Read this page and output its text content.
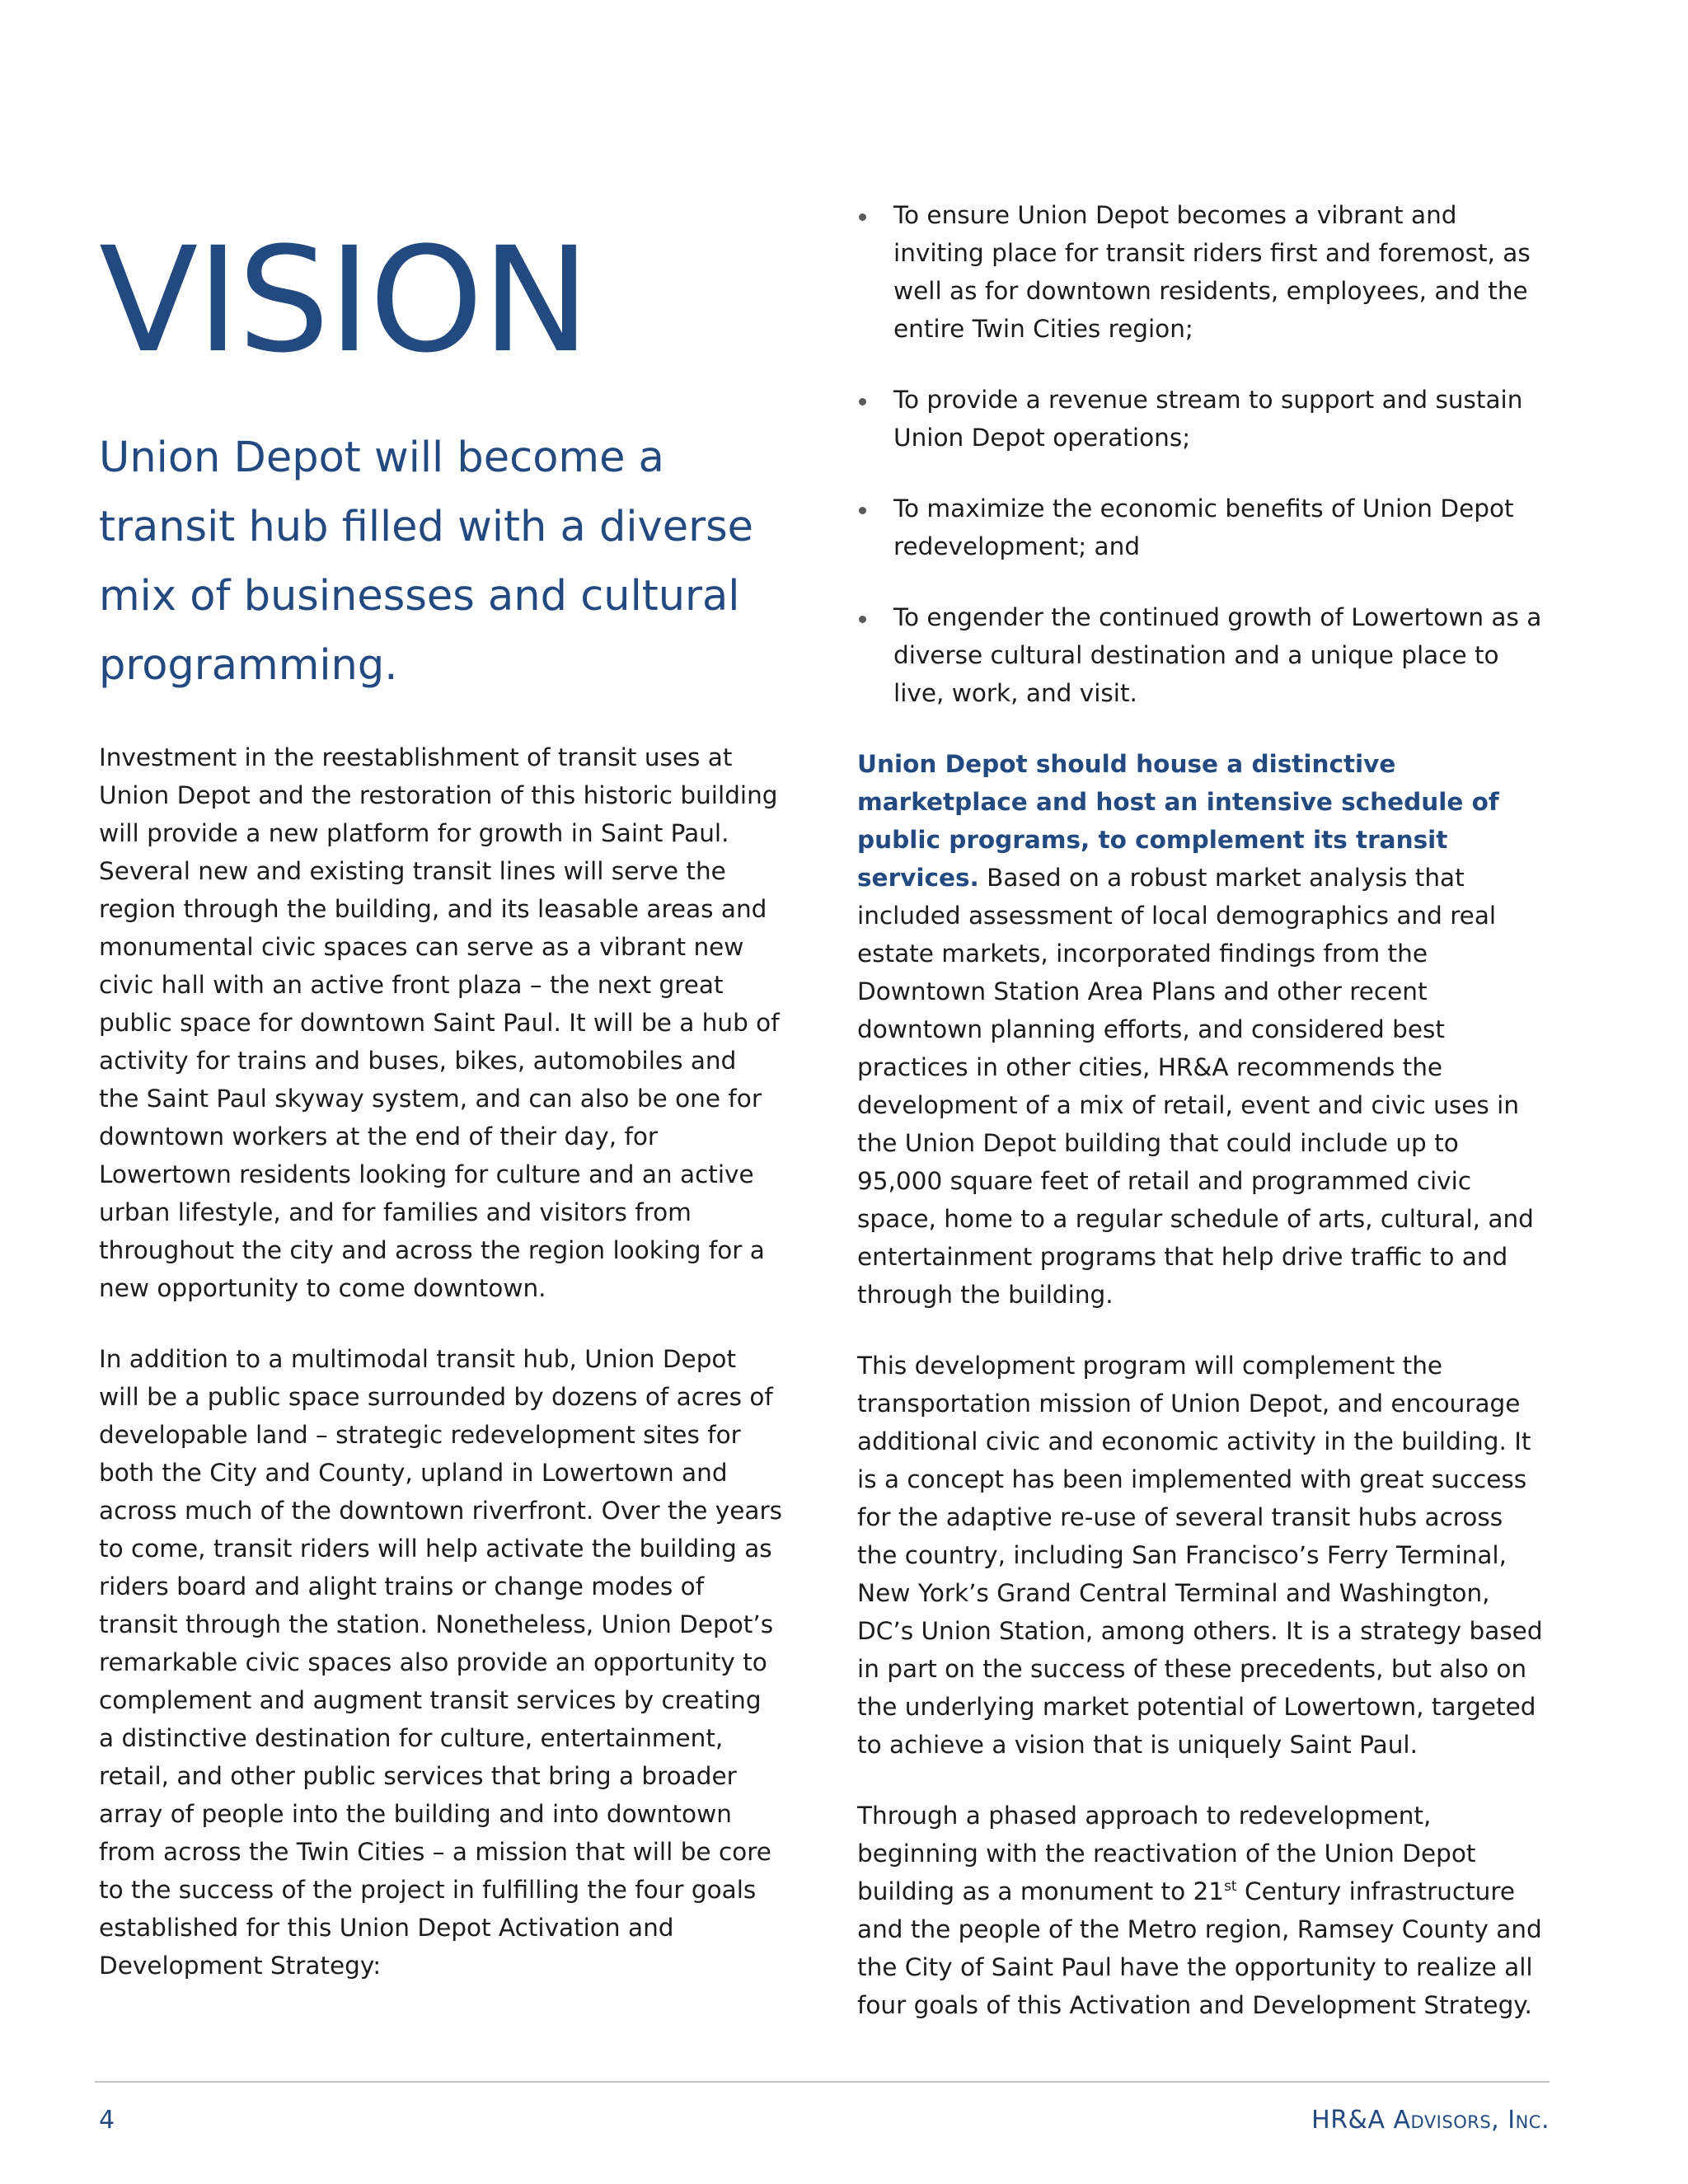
VISION
Union Depot will become a transit hub filled with a diverse mix of businesses and cultural programming.

Investment in the reestablishment of transit uses at Union Depot and the restoration of this historic building will provide a new platform for growth in Saint Paul. Several new and existing transit lines will serve the region through the building, and its leasable areas and monumental civic spaces can serve as a vibrant new civic hall with an active front plaza – the next great public space for downtown Saint Paul. It will be a hub of activity for trains and buses, bikes, automobiles and the Saint Paul skyway system, and can also be one for downtown workers at the end of their day, for Lowertown residents looking for culture and an active urban lifestyle, and for families and visitors from throughout the city and across the region looking for a new opportunity to come downtown.

In addition to a multimodal transit hub, Union Depot will be a public space surrounded by dozens of acres of developable land – strategic redevelopment sites for both the City and County, upland in Lowertown and across much of the downtown riverfront. Over the years to come, transit riders will help activate the building as riders board and alight trains or change modes of transit through the station. Nonetheless, Union Depot’s remarkable civic spaces also provide an opportunity to complement and augment transit services by creating a distinctive destination for culture, entertainment, retail, and other public services that bring a broader array of people into the building and into downtown from across the Twin Cities – a mission that will be core to the success of the project in fulfilling the four goals established for this Union Depot Activation and Development Strategy:

To ensure Union Depot becomes a vibrant and inviting place for transit riders first and foremost, as well as for downtown residents, employees, and the entire Twin Cities region;
To provide a revenue stream to support and sustain Union Depot operations;
To maximize the economic benefits of Union Depot redevelopment; and
To engender the continued growth of Lowertown as a diverse cultural destination and a unique place to live, work, and visit.

Union Depot should house a distinctive marketplace and host an intensive schedule of public programs, to complement its transit services. Based on a robust market analysis that included assessment of local demographics and real estate markets, incorporated findings from the Downtown Station Area Plans and other recent downtown planning efforts, and considered best practices in other cities, HR&A recommends the development of a mix of retail, event and civic uses in the Union Depot building that could include up to 95,000 square feet of retail and programmed civic space, home to a regular schedule of arts, cultural, and entertainment programs that help drive traffic to and through the building.

This development program will complement the transportation mission of Union Depot, and encourage additional civic and economic activity in the building. It is a concept has been implemented with great success for the adaptive re-use of several transit hubs across the country, including San Francisco’s Ferry Terminal, New York’s Grand Central Terminal and Washington, DC’s Union Station, among others. It is a strategy based in part on the success of these precedents, but also on the underlying market potential of Lowertown, targeted to achieve a vision that is uniquely Saint Paul.

Through a phased approach to redevelopment, beginning with the reactivation of the Union Depot building as a monument to 21st Century infrastructure and the people of the Metro region, Ramsey County and the City of Saint Paul have the opportunity to realize all four goals of this Activation and Development Strategy.

4	HR&A Advisors, Inc.
